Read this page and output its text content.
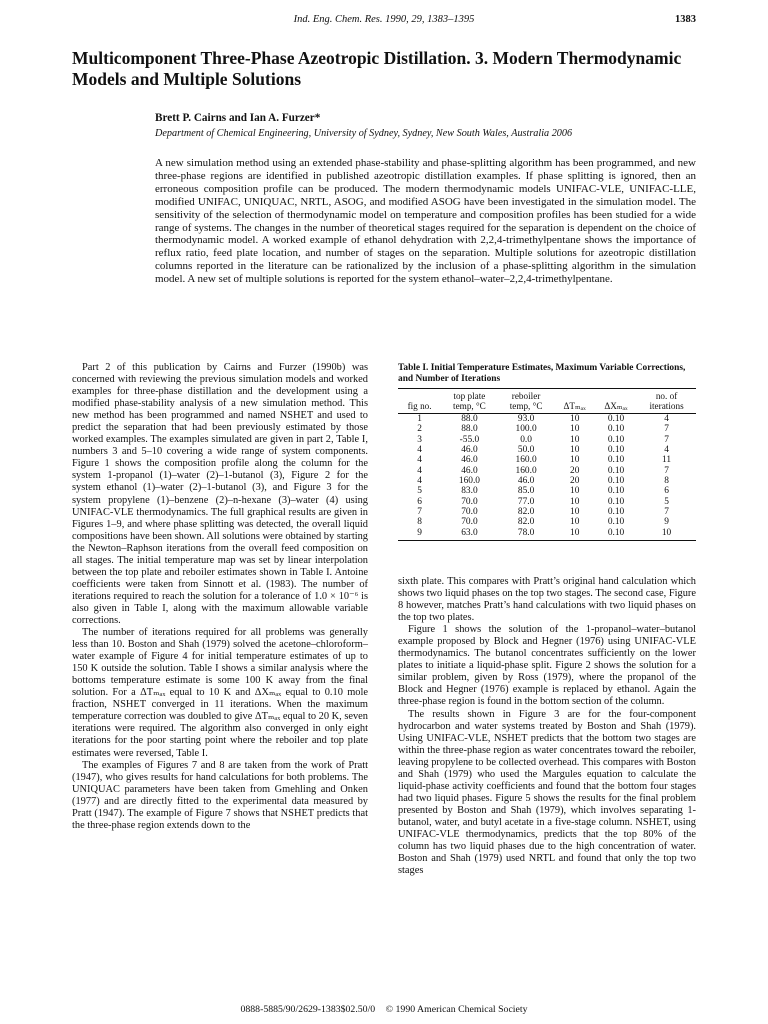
Ind. Eng. Chem. Res. 1990, 29, 1383–1395	1383
Multicomponent Three-Phase Azeotropic Distillation. 3. Modern Thermodynamic Models and Multiple Solutions
Brett P. Cairns and Ian A. Furzer*
Department of Chemical Engineering, University of Sydney, Sydney, New South Wales, Australia 2006

A new simulation method using an extended phase-stability and phase-splitting algorithm has been programmed, and new three-phase regions are identified in published azeotropic distillation examples. If phase splitting is ignored, then an erroneous composition profile can be produced. The modern thermodynamic models UNIFAC-VLE, UNIFAC-LLE, modified UNIFAC, UNIQUAC, NRTL, ASOG, and modified ASOG have been investigated in the simulation model. The sensitivity of the selection of thermodynamic model on temperature and composition profiles has been studied for a wide range of systems. The changes in the number of theoretical stages required for the separation is dependent on the choice of thermodynamic model. A worked example of ethanol dehydration with 2,2,4-trimethylpentane shows the importance of reflux ratio, feed plate location, and number of stages on the separation. Multiple solutions for azeotropic distillation columns reported in the literature can be rationalized by the inclusion of a phase-splitting algorithm in the simulation model. A new set of multiple solutions is reported for the system ethanol–water–2,2,4-trimethylpentane.

Part 2 of this publication by Cairns and Furzer (1990b) was concerned with reviewing the previous simulation models and worked examples for three-phase distillation and the development using a modified phase-stability analysis of a new simulation method. This new method has been programmed and named NSHET and used to predict the separation that had been previously estimated by those worked examples. The examples simulated are given in part 2, Table I, numbers 3 and 5–10 covering a wide range of system components. Figure 1 shows the composition profile along the column for the system 1-propanol (1)–water (2)–1-butanol (3), Figure 2 for the system ethanol (1)–water (2)–1-butanol (3), and Figure 3 for the system propylene (1)–benzene (2)–n-hexane (3)–water (4) using UNIFAC-VLE thermodynamics. The full graphical results are given in Figures 1–9, and where phase splitting was detected, the overall liquid compositions have been shown. All solutions were obtained by starting the Newton–Raphson iterations from the overall feed composition on all stages. The initial temperature map was set by linear interpolation between the top plate and reboiler estimates shown in Table I. Antoine coefficients were taken from Sinnott et al. (1983). The number of iterations required to reach the solution for a tolerance of 1.0 × 10⁻⁶ is also given in Table I, along with the maximum allowable variable corrections.

The number of iterations required for all problems was generally less than 10. Boston and Shah (1979) solved the acetone–chloroform–water example of Figure 4 for initial temperature estimates of up to 150 K outside the solution. Table I shows a similar analysis where the bottoms temperature estimate is some 100 K away from the final solution. For a ΔTₘₐₓ equal to 10 K and ΔXₘₐₓ equal to 0.10 mole fraction, NSHET converged in 11 iterations. When the maximum temperature correction was doubled to give ΔTₘₐₓ equal to 20 K, seven iterations were required. The algorithm also converged in only eight iterations for the poor starting point where the reboiler and top plate estimates were reversed, Table I.

The examples of Figures 7 and 8 are taken from the work of Pratt (1947), who gives results for hand calculations for both problems. The UNIQUAC parameters have been taken from Gmehling and Onken (1977) and are directly fitted to the experimental data measured by Pratt (1947). The example of Figure 7 shows that NSHET predicts that the three-phase region extends down to the

Table I. Initial Temperature Estimates, Maximum Variable Corrections, and Number of Iterations

	top plate	reboiler			no. of
fig no.	temp, °C	temp, °C	ΔTₘₐₓ	ΔXₘₐₓ	iterations
1	88.0	93.0	10	0.10	4
2	88.0	100.0	10	0.10	7
3	-55.0	0.0	10	0.10	7
4	46.0	50.0	10	0.10	4
4	46.0	160.0	10	0.10	11
4	46.0	160.0	20	0.10	7
4	160.0	46.0	20	0.10	8
5	83.0	85.0	10	0.10	6
6	70.0	77.0	10	0.10	5
7	70.0	82.0	10	0.10	7
8	70.0	82.0	10	0.10	9
9	63.0	78.0	10	0.10	10

sixth plate. This compares with Pratt’s original hand calculation which shows two liquid phases on the top two stages. The second case, Figure 8 however, matches Pratt’s hand calculations with two liquid phases on the top two plates.

Figure 1 shows the solution of the 1-propanol–water–butanol example proposed by Block and Hegner (1976) using UNIFAC-VLE thermodynamics. The butanol concentrates sufficiently on the lower plates to initiate a liquid-phase split. Figure 2 shows the solution for a similar problem, given by Ross (1979), where the propanol of the Block and Hegner (1976) example is replaced by ethanol. Again the three-phase region is found in the bottom section of the column.

The results shown in Figure 3 are for the four-component hydrocarbon and water systems treated by Boston and Shah (1979). Using UNIFAC-VLE, NSHET predicts that the bottom two stages are within the three-phase region as water concentrates toward the reboiler, leaving propylene to be collected overhead. This compares with Boston and Shah (1979) who used the Margules equation to calculate the liquid-phase activity coefficients and found that the bottom four stages had two liquid phases. Figure 5 shows the results for the final problem presented by Boston and Shah (1979), which involves separating 1-butanol, water, and butyl acetate in a five-stage column. NSHET, using UNIFAC-VLE thermodynamics, predicts that the top 80% of the column has two liquid phases due to the high concentration of water. Boston and Shah (1979) used NRTL and found that only the top two stages

0888-5885/90/2629-1383$02.50/0 © 1990 American Chemical Society
